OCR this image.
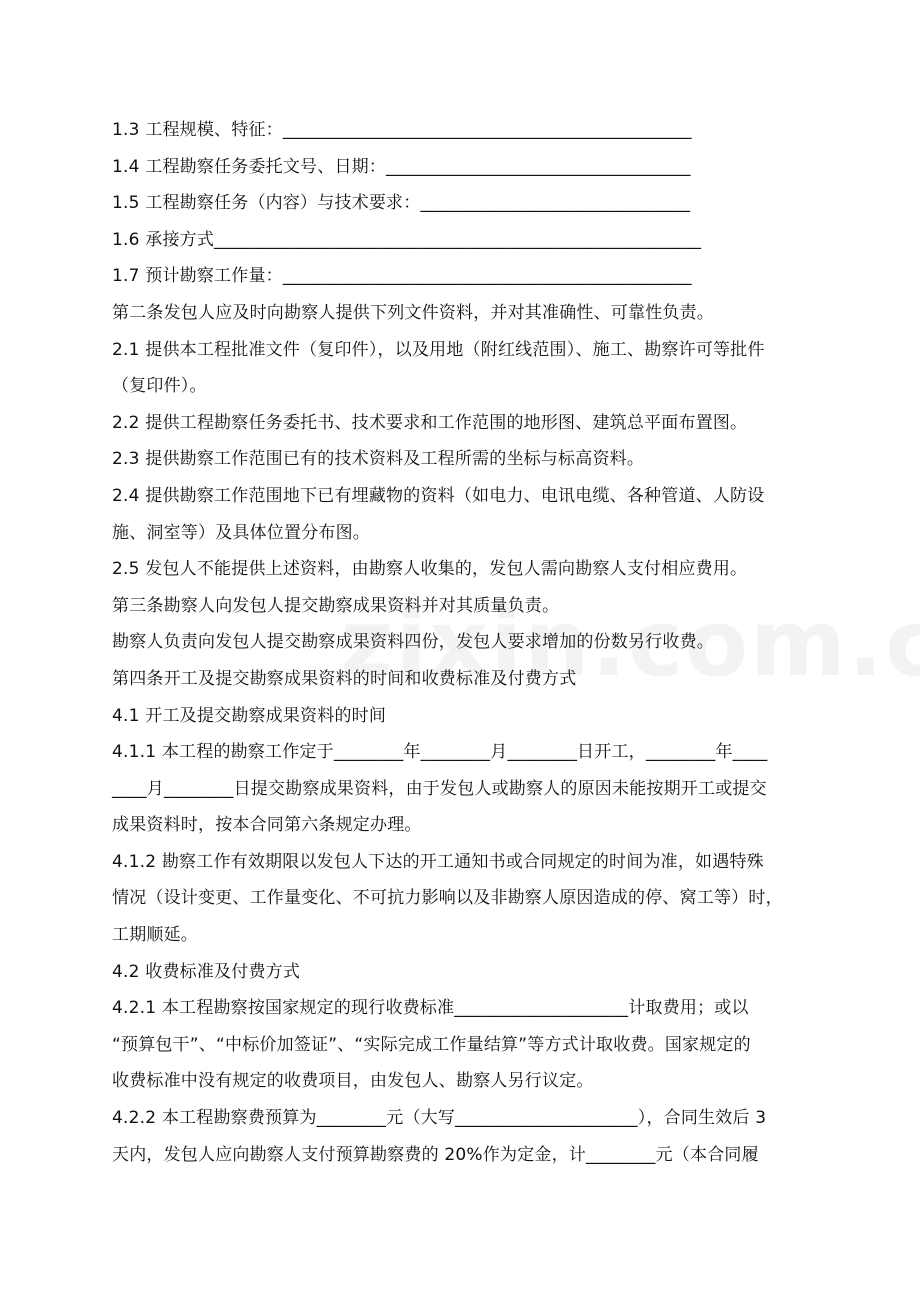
1.3 工程规模、特征：_______________________________________________
1.4 工程勘察任务委托文号、日期：___________________________________
1.5 工程勘察任务（内容）与技术要求：_______________________________
1.6 承接方式________________________________________________________
1.7 预计勘察工作量：_______________________________________________
第二条发包人应及时向勘察人提供下列文件资料，并对其准确性、可靠性负责。
2.1 提供本工程批准文件（复印件），以及用地（附红线范围）、施工、勘察许可等批件
（复印件）。
2.2 提供工程勘察任务委托书、技术要求和工作范围的地形图、建筑总平面布置图。
2.3 提供勘察工作范围已有的技术资料及工程所需的坐标与标高资料。
2.4 提供勘察工作范围地下已有埋藏物的资料（如电力、电讯电缆、各种管道、人防设
施、洞室等）及具体位置分布图。
2.5 发包人不能提供上述资料，由勘察人收集的，发包人需向勘察人支付相应费用。
第三条勘察人向发包人提交勘察成果资料并对其质量负责。
勘察人负责向发包人提交勘察成果资料四份，发包人要求增加的份数另行收费。
第四条开工及提交勘察成果资料的时间和收费标准及付费方式
4.1 开工及提交勘察成果资料的时间
4.1.1 本工程的勘察工作定于________年________月________日开工，________年____
____月________日提交勘察成果资料，由于发包人或勘察人的原因未能按期开工或提交
成果资料时，按本合同第六条规定办理。
4.1.2 勘察工作有效期限以发包人下达的开工通知书或合同规定的时间为准，如遇特殊
情况（设计变更、工作量变化、不可抗力影响以及非勘察人原因造成的停、窝工等）时，
工期顺延。
4.2 收费标准及付费方式
4.2.1 本工程勘察按国家规定的现行收费标准____________________计取费用；或以
“预算包干”、“中标价加签证”、“实际完成工作量结算”等方式计取收费。国家规定的
收费标准中没有规定的收费项目，由发包人、勘察人另行议定。
4.2.2 本工程勘察费预算为________元（大写_____________________），合同生效后 3
天内，发包人应向勘察人支付预算勘察费的 20%作为定金，计________元（本合同履
